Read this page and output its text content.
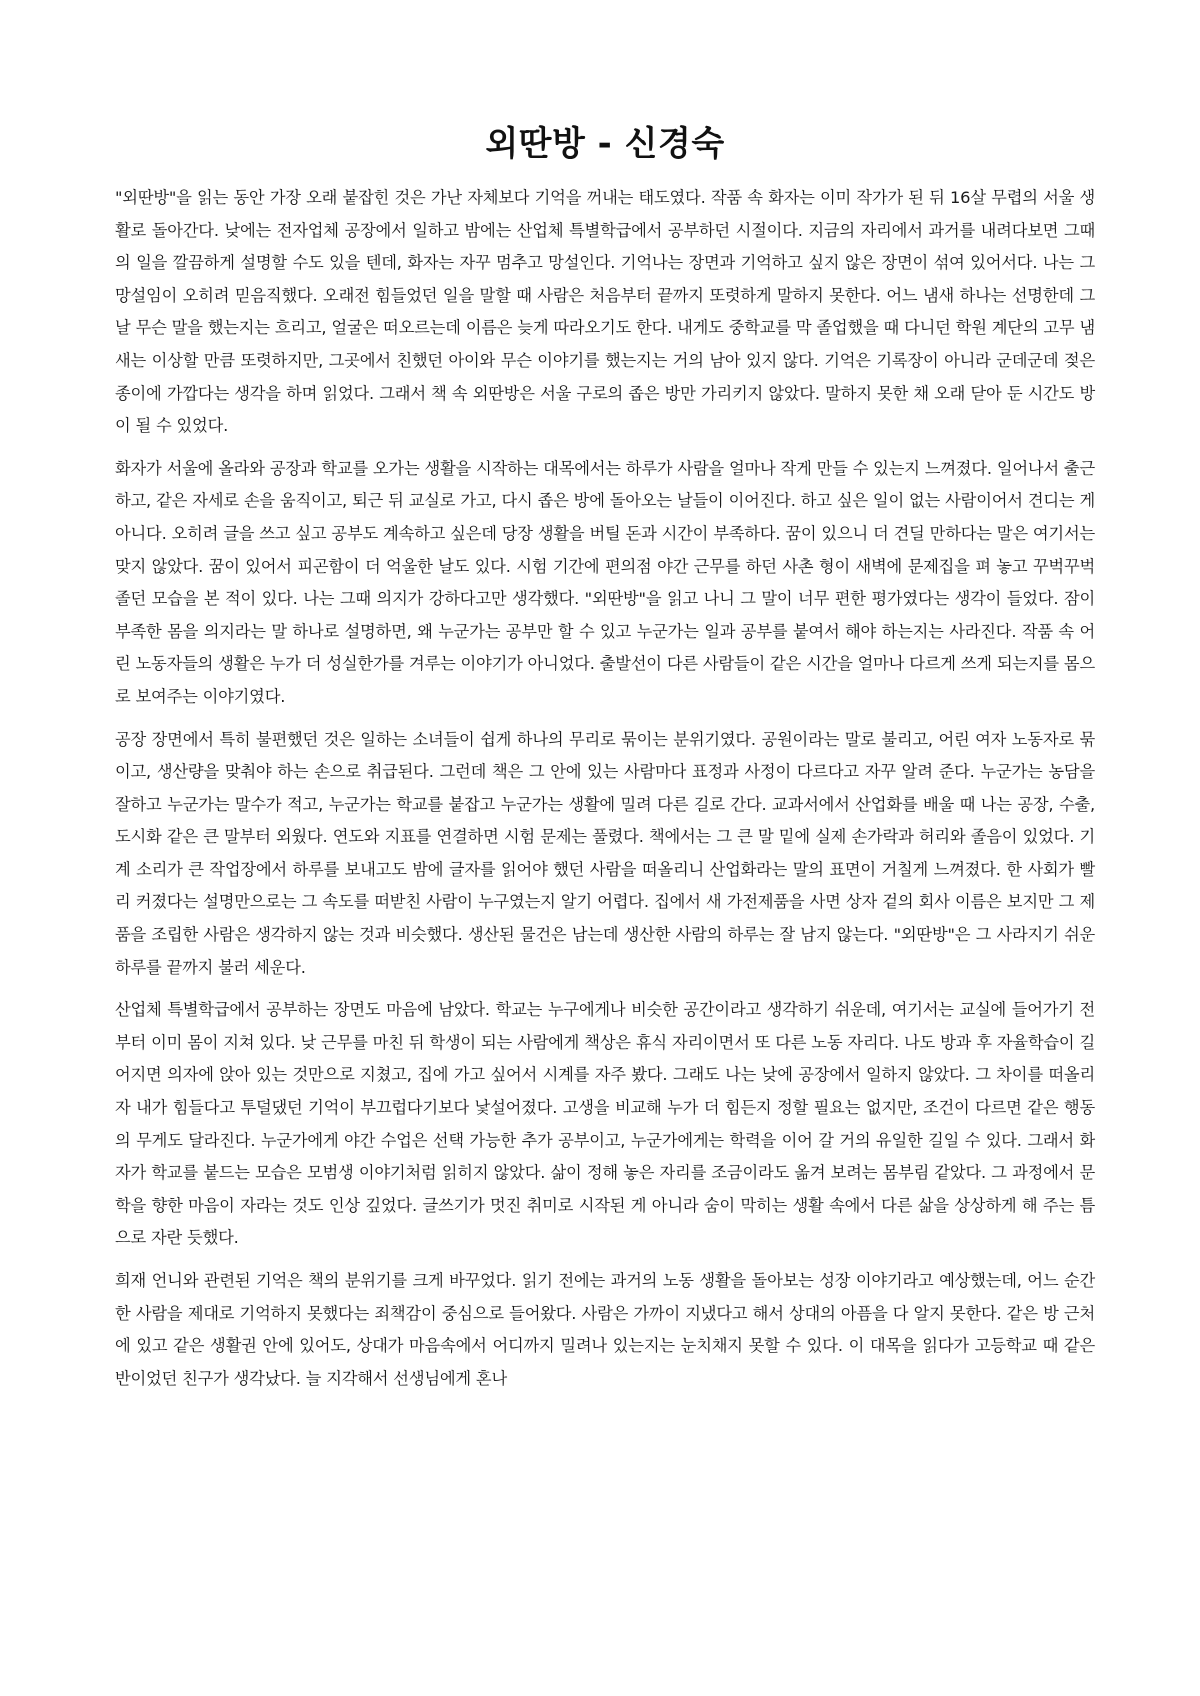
외딴방 - 신경숙

"외딴방"을 읽는 동안 가장 오래 붙잡힌 것은 가난 자체보다 기억을 꺼내는 태도였다. 작품 속 화자는 이미 작가가 된 뒤 16살 무렵의 서울 생활로 돌아간다. 낮에는 전자업체 공장에서 일하고 밤에는 산업체 특별학급에서 공부하던 시절이다. 지금의 자리에서 과거를 내려다보면 그때의 일을 깔끔하게 설명할 수도 있을 텐데, 화자는 자꾸 멈추고 망설인다. 기억나는 장면과 기억하고 싶지 않은 장면이 섞여 있어서다. 나는 그 망설임이 오히려 믿음직했다. 오래전 힘들었던 일을 말할 때 사람은 처음부터 끝까지 또렷하게 말하지 못한다. 어느 냄새 하나는 선명한데 그날 무슨 말을 했는지는 흐리고, 얼굴은 떠오르는데 이름은 늦게 따라오기도 한다. 내게도 중학교를 막 졸업했을 때 다니던 학원 계단의 고무 냄새는 이상할 만큼 또렷하지만, 그곳에서 친했던 아이와 무슨 이야기를 했는지는 거의 남아 있지 않다. 기억은 기록장이 아니라 군데군데 젖은 종이에 가깝다는 생각을 하며 읽었다. 그래서 책 속 외딴방은 서울 구로의 좁은 방만 가리키지 않았다. 말하지 못한 채 오래 닫아 둔 시간도 방이 될 수 있었다.

화자가 서울에 올라와 공장과 학교를 오가는 생활을 시작하는 대목에서는 하루가 사람을 얼마나 작게 만들 수 있는지 느껴졌다. 일어나서 출근하고, 같은 자세로 손을 움직이고, 퇴근 뒤 교실로 가고, 다시 좁은 방에 돌아오는 날들이 이어진다. 하고 싶은 일이 없는 사람이어서 견디는 게 아니다. 오히려 글을 쓰고 싶고 공부도 계속하고 싶은데 당장 생활을 버틸 돈과 시간이 부족하다. 꿈이 있으니 더 견딜 만하다는 말은 여기서는 맞지 않았다. 꿈이 있어서 피곤함이 더 억울한 날도 있다. 시험 기간에 편의점 야간 근무를 하던 사촌 형이 새벽에 문제집을 펴 놓고 꾸벅꾸벅 졸던 모습을 본 적이 있다. 나는 그때 의지가 강하다고만 생각했다. "외딴방"을 읽고 나니 그 말이 너무 편한 평가였다는 생각이 들었다. 잠이 부족한 몸을 의지라는 말 하나로 설명하면, 왜 누군가는 공부만 할 수 있고 누군가는 일과 공부를 붙여서 해야 하는지는 사라진다. 작품 속 어린 노동자들의 생활은 누가 더 성실한가를 겨루는 이야기가 아니었다. 출발선이 다른 사람들이 같은 시간을 얼마나 다르게 쓰게 되는지를 몸으로 보여주는 이야기였다.

공장 장면에서 특히 불편했던 것은 일하는 소녀들이 쉽게 하나의 무리로 묶이는 분위기였다. 공원이라는 말로 불리고, 어린 여자 노동자로 묶이고, 생산량을 맞춰야 하는 손으로 취급된다. 그런데 책은 그 안에 있는 사람마다 표정과 사정이 다르다고 자꾸 알려 준다. 누군가는 농담을 잘하고 누군가는 말수가 적고, 누군가는 학교를 붙잡고 누군가는 생활에 밀려 다른 길로 간다. 교과서에서 산업화를 배울 때 나는 공장, 수출, 도시화 같은 큰 말부터 외웠다. 연도와 지표를 연결하면 시험 문제는 풀렸다. 책에서는 그 큰 말 밑에 실제 손가락과 허리와 졸음이 있었다. 기계 소리가 큰 작업장에서 하루를 보내고도 밤에 글자를 읽어야 했던 사람을 떠올리니 산업화라는 말의 표면이 거칠게 느껴졌다. 한 사회가 빨리 커졌다는 설명만으로는 그 속도를 떠받친 사람이 누구였는지 알기 어렵다. 집에서 새 가전제품을 사면 상자 겉의 회사 이름은 보지만 그 제품을 조립한 사람은 생각하지 않는 것과 비슷했다. 생산된 물건은 남는데 생산한 사람의 하루는 잘 남지 않는다. "외딴방"은 그 사라지기 쉬운 하루를 끝까지 불러 세운다.

산업체 특별학급에서 공부하는 장면도 마음에 남았다. 학교는 누구에게나 비슷한 공간이라고 생각하기 쉬운데, 여기서는 교실에 들어가기 전부터 이미 몸이 지쳐 있다. 낮 근무를 마친 뒤 학생이 되는 사람에게 책상은 휴식 자리이면서 또 다른 노동 자리다. 나도 방과 후 자율학습이 길어지면 의자에 앉아 있는 것만으로 지쳤고, 집에 가고 싶어서 시계를 자주 봤다. 그래도 나는 낮에 공장에서 일하지 않았다. 그 차이를 떠올리자 내가 힘들다고 투덜댔던 기억이 부끄럽다기보다 낯설어졌다. 고생을 비교해 누가 더 힘든지 정할 필요는 없지만, 조건이 다르면 같은 행동의 무게도 달라진다. 누군가에게 야간 수업은 선택 가능한 추가 공부이고, 누군가에게는 학력을 이어 갈 거의 유일한 길일 수 있다. 그래서 화자가 학교를 붙드는 모습은 모범생 이야기처럼 읽히지 않았다. 삶이 정해 놓은 자리를 조금이라도 옮겨 보려는 몸부림 같았다. 그 과정에서 문학을 향한 마음이 자라는 것도 인상 깊었다. 글쓰기가 멋진 취미로 시작된 게 아니라 숨이 막히는 생활 속에서 다른 삶을 상상하게 해 주는 틈으로 자란 듯했다.

희재 언니와 관련된 기억은 책의 분위기를 크게 바꾸었다. 읽기 전에는 과거의 노동 생활을 돌아보는 성장 이야기라고 예상했는데, 어느 순간 한 사람을 제대로 기억하지 못했다는 죄책감이 중심으로 들어왔다. 사람은 가까이 지냈다고 해서 상대의 아픔을 다 알지 못한다. 같은 방 근처에 있고 같은 생활권 안에 있어도, 상대가 마음속에서 어디까지 밀려나 있는지는 눈치채지 못할 수 있다. 이 대목을 읽다가 고등학교 때 같은 반이었던 친구가 생각났다. 늘 지각해서 선생님에게 혼나
